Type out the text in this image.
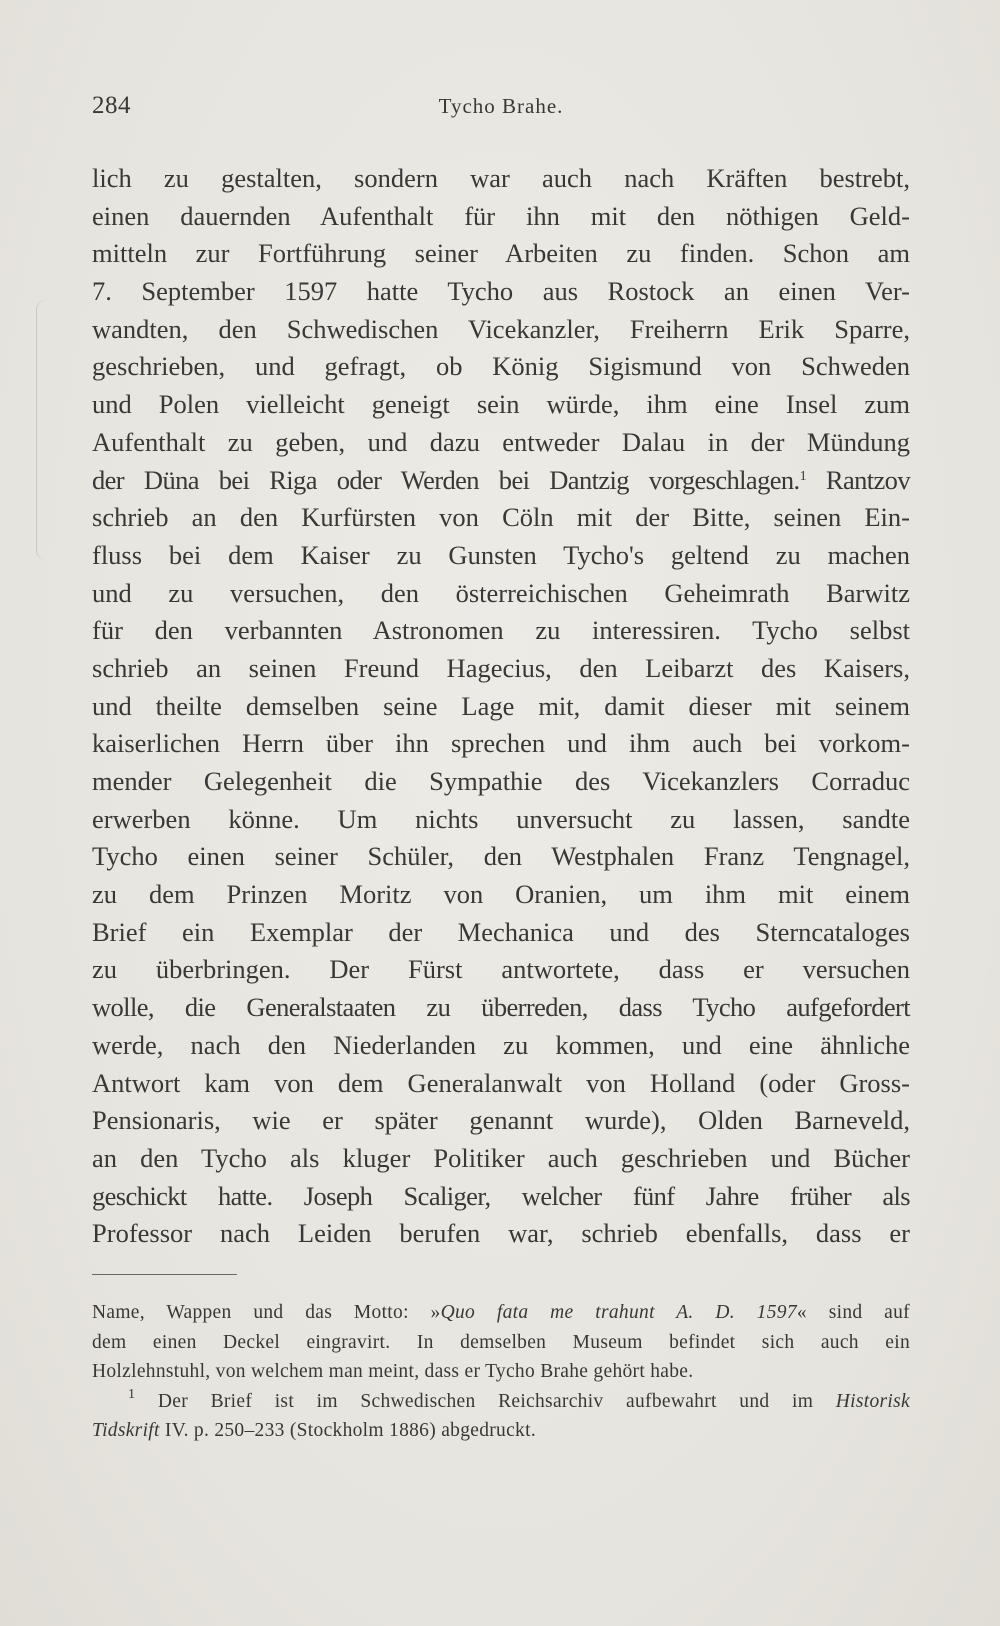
284	Tycho Brahe.
lich zu gestalten, sondern war auch nach Kräften bestrebt,
einen dauernden Aufenthalt für ihn mit den nöthigen Geld-
mitteln zur Fortführung seiner Arbeiten zu finden. Schon am
7. September 1597 hatte Tycho aus Rostock an einen Ver-
wandten, den Schwedischen Vicekanzler, Freiherrn Erik Sparre,
geschrieben, und gefragt, ob König Sigismund von Schweden
und Polen vielleicht geneigt sein würde, ihm eine Insel zum
Aufenthalt zu geben, und dazu entweder Dalau in der Mündung
der Düna bei Riga oder Werden bei Dantzig vorgeschlagen.$^1$ Rantzov
schrieb an den Kurfürsten von Cöln mit der Bitte, seinen Ein-
fluss bei dem Kaiser zu Gunsten Tycho's geltend zu machen
und zu versuchen, den österreichischen Geheimrath Barwitz
für den verbannten Astronomen zu interessiren. Tycho selbst
schrieb an seinen Freund Hagecius, den Leibarzt des Kaisers,
und theilte demselben seine Lage mit, damit dieser mit seinem
kaiserlichen Herrn über ihn sprechen und ihm auch bei vorkom-
mender Gelegenheit die Sympathie des Vicekanzlers Corraduc
erwerben könne. Um nichts unversucht zu lassen, sandte
Tycho einen seiner Schüler, den Westphalen Franz Tengnagel,
zu dem Prinzen Moritz von Oranien, um ihm mit einem
Brief ein Exemplar der Mechanica und des Sterncataloges
zu überbringen. Der Fürst antwortete, dass er versuchen
wolle, die Generalstaaten zu überreden, dass Tycho aufgefordert
werde, nach den Niederlanden zu kommen, und eine ähnliche
Antwort kam von dem Generalanwalt von Holland (oder Gross-
Pensionaris, wie er später genannt wurde), Olden Barneveld,
an den Tycho als kluger Politiker auch geschrieben und Bücher
geschickt hatte. Joseph Scaliger, welcher fünf Jahre früher als
Professor nach Leiden berufen war, schrieb ebenfalls, dass er
Name, Wappen und das Motto: »Quo fata me trahunt A. D. 1597« sind auf
dem einen Deckel eingravirt. In demselben Museum befindet sich auch ein
Holzlehnstuhl, von welchem man meint, dass er Tycho Brahe gehört habe.
$^1$ Der Brief ist im Schwedischen Reichsarchiv aufbewahrt und im Historisk
Tidskrift IV. p. 250–233 (Stockholm 1886) abgedruckt.
